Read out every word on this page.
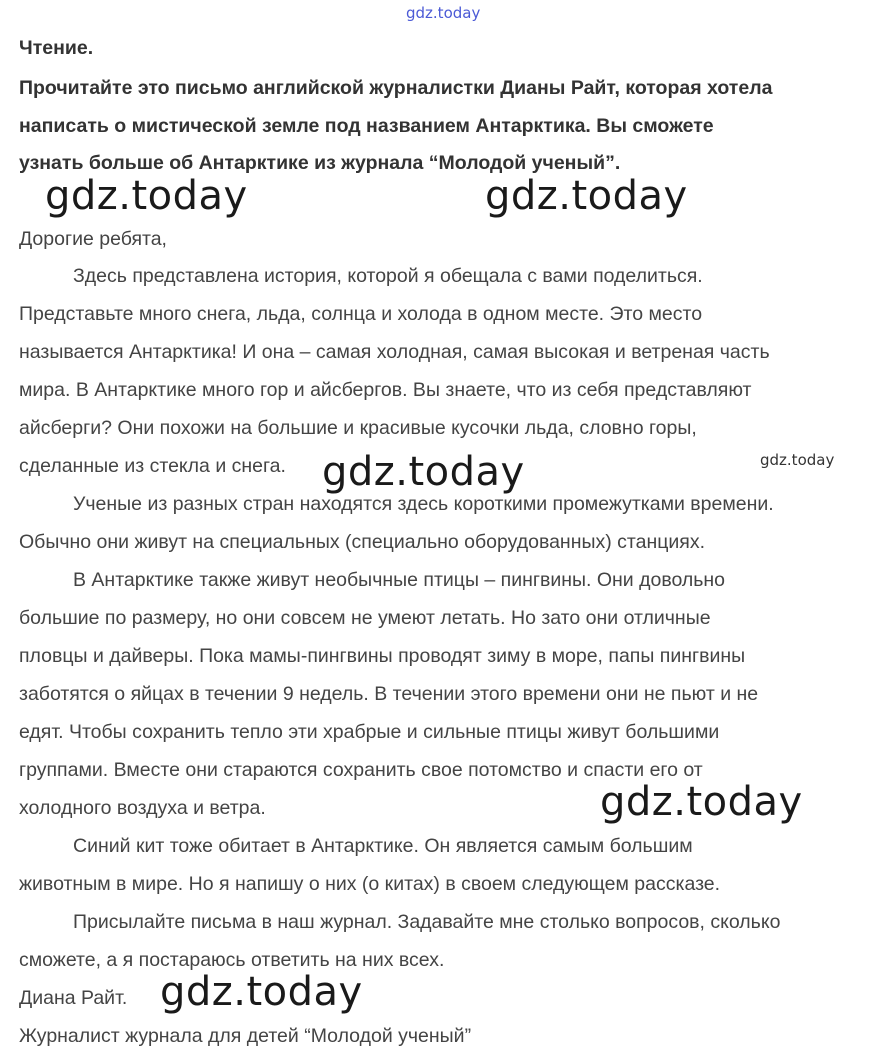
gdz.today
gdz.today	gdz.today
gdz.today	gdz.today
gdz.today
gdz.today
Чтение.
Прочитайте это письмо английской журналистки Дианы Райт, которая хотела
написать о мистической земле под названием Антарктика. Вы сможете
узнать больше об Антарктике из журнала “Молодой ученый”.
Дорогие ребята,
Здесь представлена история, которой я обещала с вами поделиться.
Представьте много снега, льда, солнца и холода в одном месте. Это место
называется Антарктика! И она – самая холодная, самая высокая и ветреная часть
мира. В Антарктике много гор и айсбергов. Вы знаете, что из себя представляют
айсберги? Они похожи на большие и красивые кусочки льда, словно горы,
сделанные из стекла и снега.
Ученые из разных стран находятся здесь короткими промежутками времени.
Обычно они живут на специальных (специально оборудованных) станциях.
В Антарктике также живут необычные птицы – пингвины. Они довольно
большие по размеру, но они совсем не умеют летать. Но зато они отличные
пловцы и дайверы. Пока мамы-пингвины проводят зиму в море, папы пингвины
заботятся о яйцах в течении 9 недель. В течении этого времени они не пьют и не
едят. Чтобы сохранить тепло эти храбрые и сильные птицы живут большими
группами. Вместе они стараются сохранить свое потомство и спасти его от
холодного воздуха и ветра.
Синий кит тоже обитает в Антарктике. Он является самым большим
животным в мире. Но я напишу о них (о китах) в своем следующем рассказе.
Присылайте письма в наш журнал. Задавайте мне столько вопросов, сколько
сможете, а я постараюсь ответить на них всех.
Диана Райт.
Журналист журнала для детей “Молодой ученый”
